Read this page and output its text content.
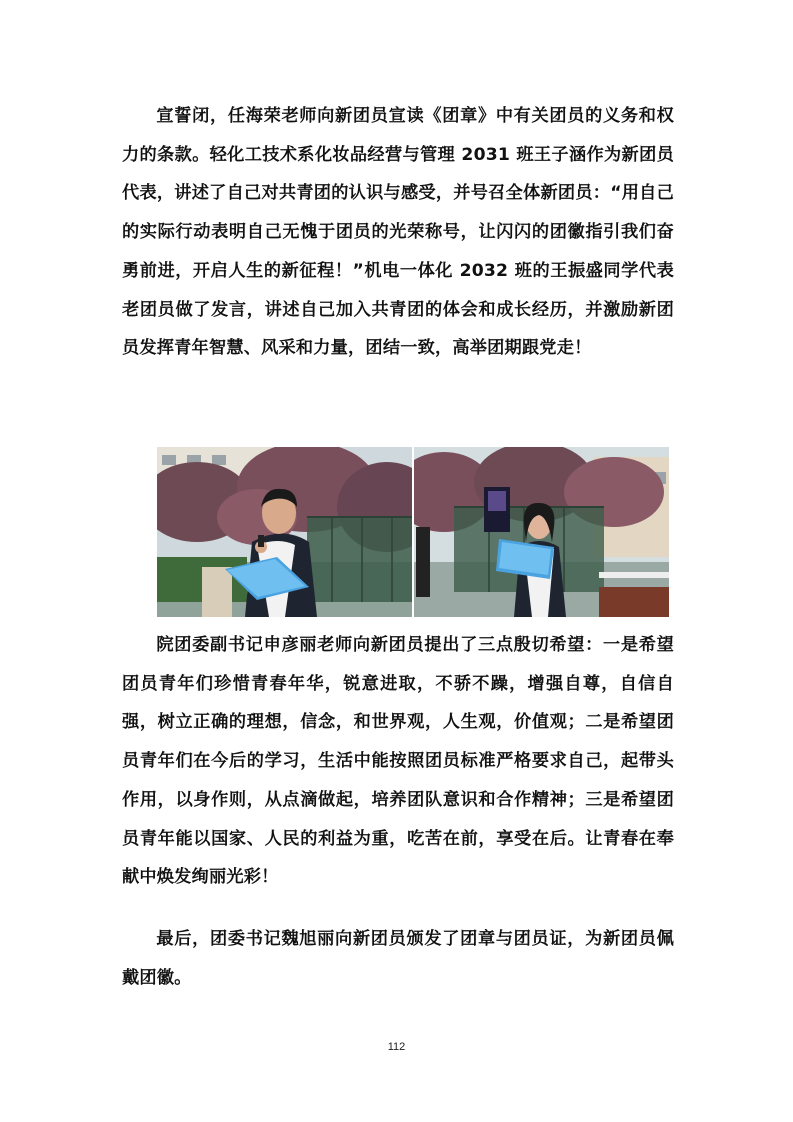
宣誓闭，任海荣老师向新团员宣读《团章》中有关团员的义务和权力的条款。轻化工技术系化妆品经营与管理 2031 班王子涵作为新团员代表，讲述了自己对共青团的认识与感受，并号召全体新团员：“用自己的实际行动表明自己无愧于团员的光荣称号，让闪闪的团徽指引我们奋勇前进，开启人生的新征程！”机电一体化 2032 班的王振盛同学代表老团员做了发言，讲述自己加入共青团的体会和成长经历，并激励新团员发挥青年智慧、风采和力量，团结一致，高举团期跟党走！

院团委副书记申彦丽老师向新团员提出了三点殷切希望：一是希望团员青年们珍惜青春年华，锐意进取，不骄不躁，增强自尊，自信自强，树立正确的理想，信念，和世界观，人生观，价值观；二是希望团员青年们在今后的学习，生活中能按照团员标准严格要求自己，起带头作用，以身作则，从点滴做起，培养团队意识和合作精神；三是希望团员青年能以国家、人民的利益为重，吃苦在前，享受在后。让青春在奉献中焕发绚丽光彩！

最后，团委书记魏旭丽向新团员颁发了团章与团员证，为新团员佩戴团徽。

112
